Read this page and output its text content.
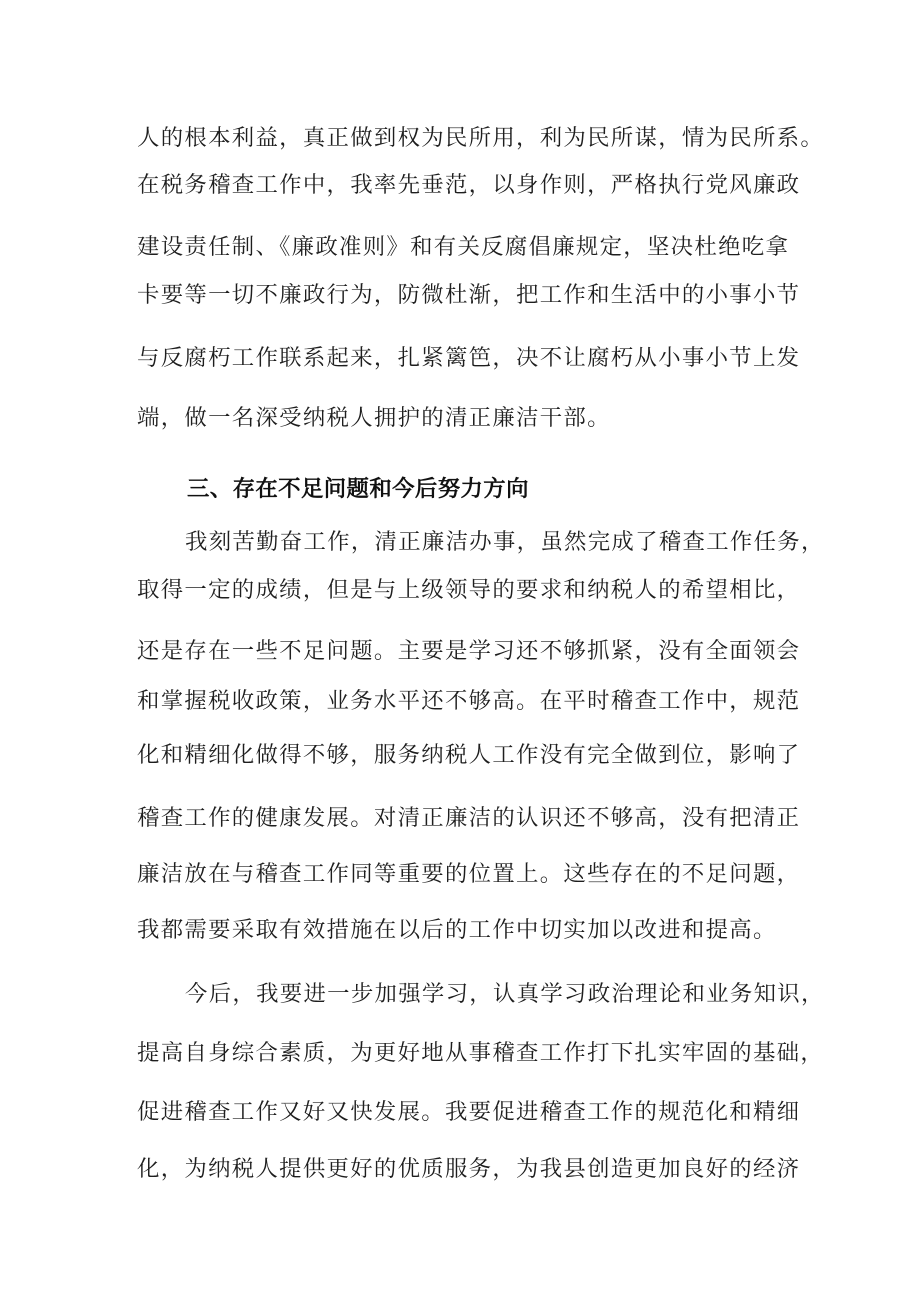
人的根本利益，真正做到权为民所用，利为民所谋，情为民所系。
在税务稽查工作中，我率先垂范，以身作则，严格执行党风廉政
建设责任制、《廉政准则》和有关反腐倡廉规定，坚决杜绝吃拿
卡要等一切不廉政行为，防微杜渐，把工作和生活中的小事小节
与反腐朽工作联系起来，扎紧篱笆，决不让腐朽从小事小节上发
端，做一名深受纳税人拥护的清正廉洁干部。
三、存在不足问题和今后努力方向
我刻苦勤奋工作，清正廉洁办事，虽然完成了稽查工作任务，
取得一定的成绩，但是与上级领导的要求和纳税人的希望相比，
还是存在一些不足问题。主要是学习还不够抓紧，没有全面领会
和掌握税收政策，业务水平还不够高。在平时稽查工作中，规范
化和精细化做得不够，服务纳税人工作没有完全做到位，影响了
稽查工作的健康发展。对清正廉洁的认识还不够高，没有把清正
廉洁放在与稽查工作同等重要的位置上。这些存在的不足问题，
我都需要采取有效措施在以后的工作中切实加以改进和提高。
今后，我要进一步加强学习，认真学习政治理论和业务知识，
提高自身综合素质，为更好地从事稽查工作打下扎实牢固的基础，
促进稽查工作又好又快发展。我要促进稽查工作的规范化和精细
化，为纳税人提供更好的优质服务，为我县创造更加良好的经济
